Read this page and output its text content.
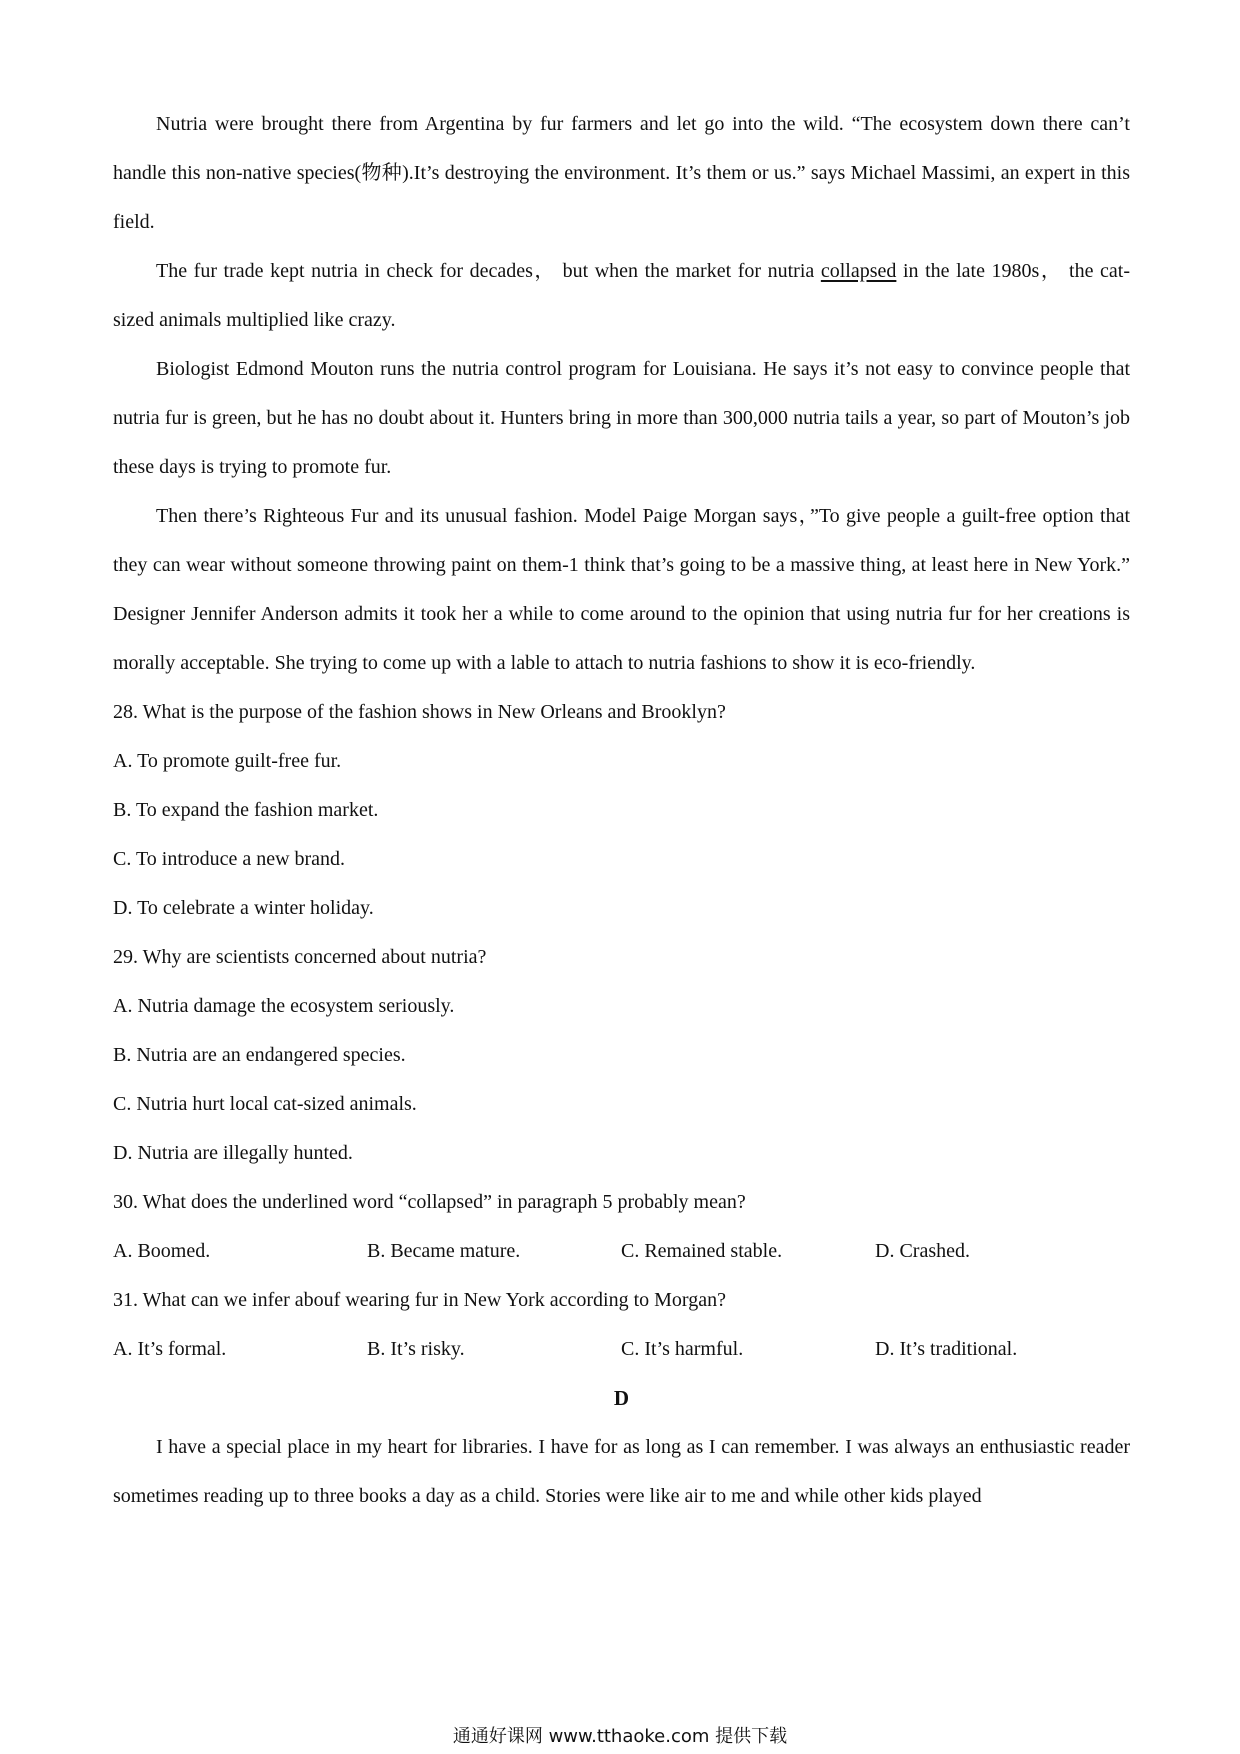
Nutria were brought there from Argentina by fur farmers and let go into the wild. “The ecosystem down there can’t handle this non-native species(物种).It’s destroying the environment. It’s them or us.” says Michael Massimi, an expert in this field.

The fur trade kept nutria in check for decades， but when the market for nutria collapsed in the late 1980s， the cat-sized animals multiplied like crazy.

Biologist Edmond Mouton runs the nutria control program for Louisiana. He says it’s not easy to convince people that nutria fur is green, but he has no doubt about it. Hunters bring in more than 300,000 nutria tails a year, so part of Mouton’s job these days is trying to promote fur.

Then there’s Righteous Fur and its unusual fashion. Model Paige Morgan says，”To give people a guilt-free option that they can wear without someone throwing paint on them-1 think that’s going to be a massive thing, at least here in New York.” Designer Jennifer Anderson admits it took her a while to come around to the opinion that using nutria fur for her creations is morally acceptable. She trying to come up with a lable to attach to nutria fashions to show it is eco-friendly.

28. What is the purpose of the fashion shows in New Orleans and Brooklyn?

A. To promote guilt-free fur.

B. To expand the fashion market.

C. To introduce a new brand.

D. To celebrate a winter holiday.

29. Why are scientists concerned about nutria?

A. Nutria damage the ecosystem seriously.

B. Nutria are an endangered species.

C. Nutria hurt local cat-sized animals.

D. Nutria are illegally hunted.

30. What does the underlined word “collapsed” in paragraph 5 probably mean?

A. Boomed.	B. Became mature.	C. Remained stable.	D. Crashed.

31. What can we infer abouf wearing fur in New York according to Morgan?

A. It’s formal.	B. It’s risky.	C. It’s harmful.	D. It’s traditional.

D

I have a special place in my heart for libraries. I have for as long as I can remember. I was always an enthusiastic reader sometimes reading up to three books a day as a child. Stories were like air to me and while other kids played

通通好课网 www.tthaoke.com 提供下载
